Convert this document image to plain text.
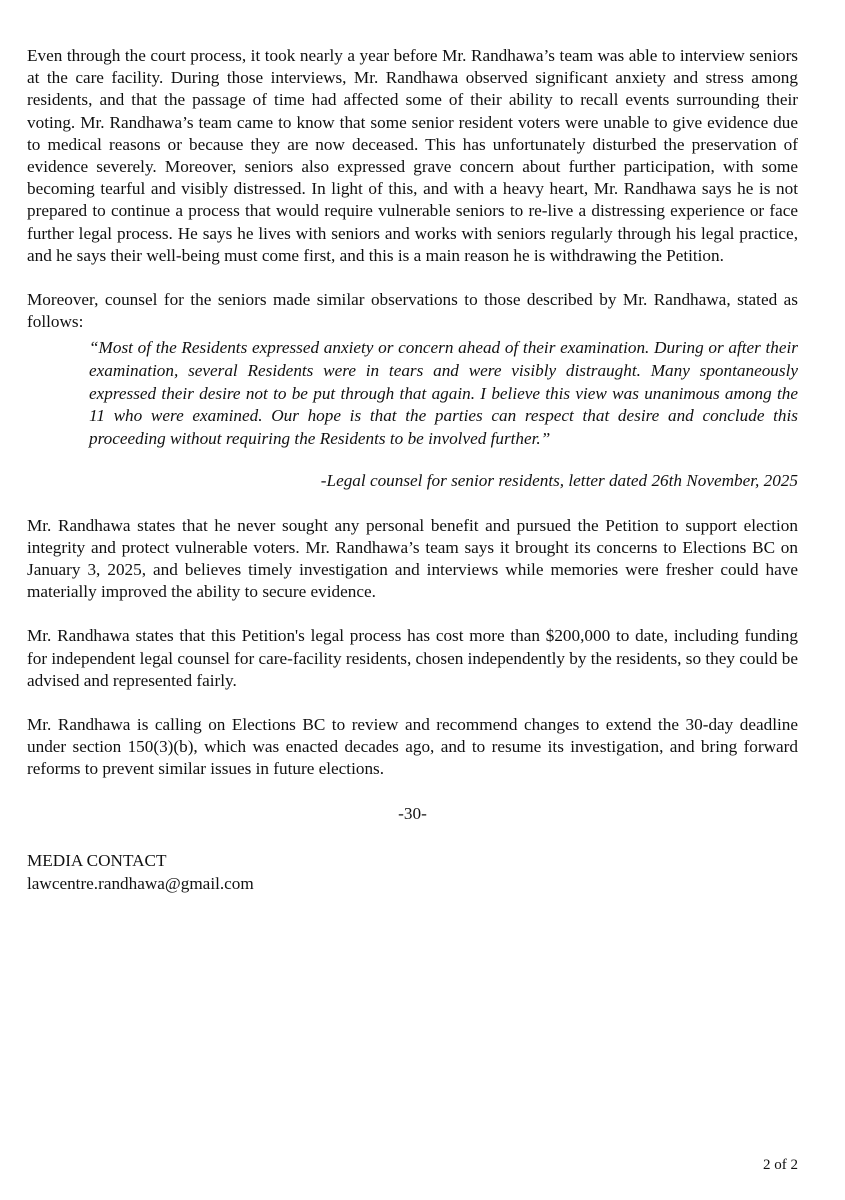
Even through the court process, it took nearly a year before Mr. Randhawa’s team was able to interview seniors at the care facility. During those interviews, Mr. Randhawa observed significant anxiety and stress among residents, and that the passage of time had affected some of their ability to recall events surrounding their voting. Mr. Randhawa’s team came to know that some senior resident voters were unable to give evidence due to medical reasons or because they are now deceased. This has unfortunately disturbed the preservation of evidence severely. Moreover, seniors also expressed grave concern about further participation, with some becoming tearful and visibly distressed. In light of this, and with a heavy heart, Mr. Randhawa says he is not prepared to continue a process that would require vulnerable seniors to re-live a distressing experience or face further legal process. He says he lives with seniors and works with seniors regularly through his legal practice, and he says their well-being must come first, and this is a main reason he is withdrawing the Petition.

Moreover, counsel for the seniors made similar observations to those described by Mr. Randhawa, stated as follows:

“Most of the Residents expressed anxiety or concern ahead of their examination. During or after their examination, several Residents were in tears and were visibly distraught. Many spontaneously expressed their desire not to be put through that again. I believe this view was unanimous among the 11 who were examined. Our hope is that the parties can respect that desire and conclude this proceeding without requiring the Residents to be involved further.”

-Legal counsel for senior residents, letter dated 26th November, 2025

Mr. Randhawa states that he never sought any personal benefit and pursued the Petition to support election integrity and protect vulnerable voters. Mr. Randhawa’s team says it brought its concerns to Elections BC on January 3, 2025, and believes timely investigation and interviews while memories were fresher could have materially improved the ability to secure evidence.

Mr. Randhawa states that this Petition's legal process has cost more than $200,000 to date, including funding for independent legal counsel for care-facility residents, chosen independently by the residents, so they could be advised and represented fairly.

Mr. Randhawa is calling on Elections BC to review and recommend changes to extend the 30-day deadline under section 150(3)(b), which was enacted decades ago, and to resume its investigation, and bring forward reforms to prevent similar issues in future elections.

-30-

MEDIA CONTACT

lawcentre.randhawa@gmail.com

2 of 2
